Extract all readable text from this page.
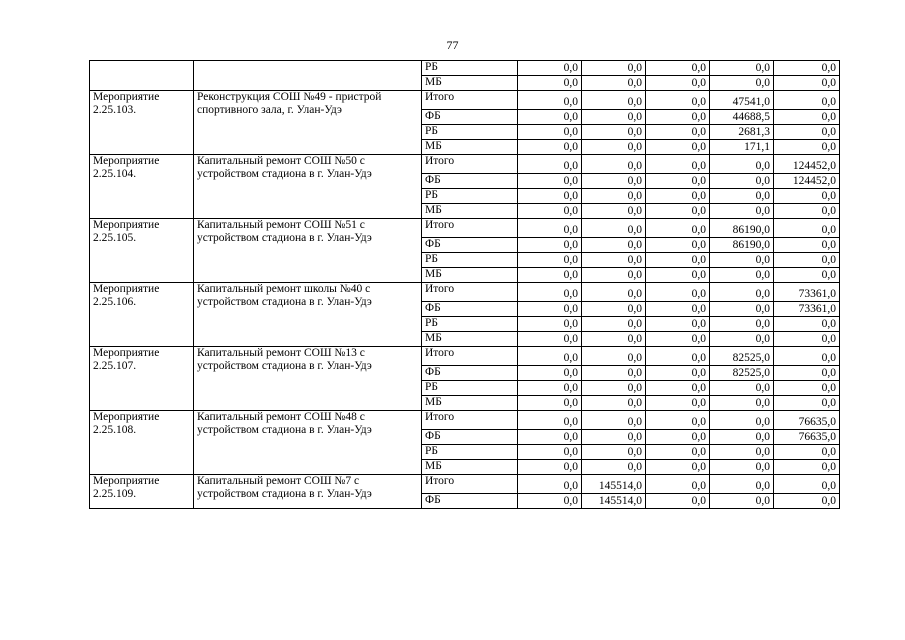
77
		РБ	0,0	0,0	0,0	0,0	0,0
		МБ	0,0	0,0	0,0	0,0	0,0
Мероприятие 2.25.103.	Реконструкция СОШ №49 - пристрой спортивного зала, г. Улан-Удэ	Итого	0,0	0,0	0,0	47541,0	0,0
		ФБ	0,0	0,0	0,0	44688,5	0,0
		РБ	0,0	0,0	0,0	2681,3	0,0
		МБ	0,0	0,0	0,0	171,1	0,0
Мероприятие 2.25.104.	Капитальный ремонт СОШ №50 с устройством стадиона в г. Улан-Удэ	Итого	0,0	0,0	0,0	0,0	124452,0
		ФБ	0,0	0,0	0,0	0,0	124452,0
		РБ	0,0	0,0	0,0	0,0	0,0
		МБ	0,0	0,0	0,0	0,0	0,0
Мероприятие 2.25.105.	Капитальный ремонт СОШ №51 с устройством стадиона в г. Улан-Удэ	Итого	0,0	0,0	0,0	86190,0	0,0
		ФБ	0,0	0,0	0,0	86190,0	0,0
		РБ	0,0	0,0	0,0	0,0	0,0
		МБ	0,0	0,0	0,0	0,0	0,0
Мероприятие 2.25.106.	Капитальный ремонт школы №40 с устройством стадиона в г. Улан-Удэ	Итого	0,0	0,0	0,0	0,0	73361,0
		ФБ	0,0	0,0	0,0	0,0	73361,0
		РБ	0,0	0,0	0,0	0,0	0,0
		МБ	0,0	0,0	0,0	0,0	0,0
Мероприятие 2.25.107.	Капитальный ремонт СОШ №13 с устройством стадиона в г. Улан-Удэ	Итого	0,0	0,0	0,0	82525,0	0,0
		ФБ	0,0	0,0	0,0	82525,0	0,0
		РБ	0,0	0,0	0,0	0,0	0,0
		МБ	0,0	0,0	0,0	0,0	0,0
Мероприятие 2.25.108.	Капитальный ремонт СОШ №48 с устройством стадиона в г. Улан-Удэ	Итого	0,0	0,0	0,0	0,0	76635,0
		ФБ	0,0	0,0	0,0	0,0	76635,0
		РБ	0,0	0,0	0,0	0,0	0,0
		МБ	0,0	0,0	0,0	0,0	0,0
Мероприятие 2.25.109.	Капитальный ремонт СОШ №7 с устройством стадиона в г. Улан-Удэ	Итого	0,0	145514,0	0,0	0,0	0,0
		ФБ	0,0	145514,0	0,0	0,0	0,0
